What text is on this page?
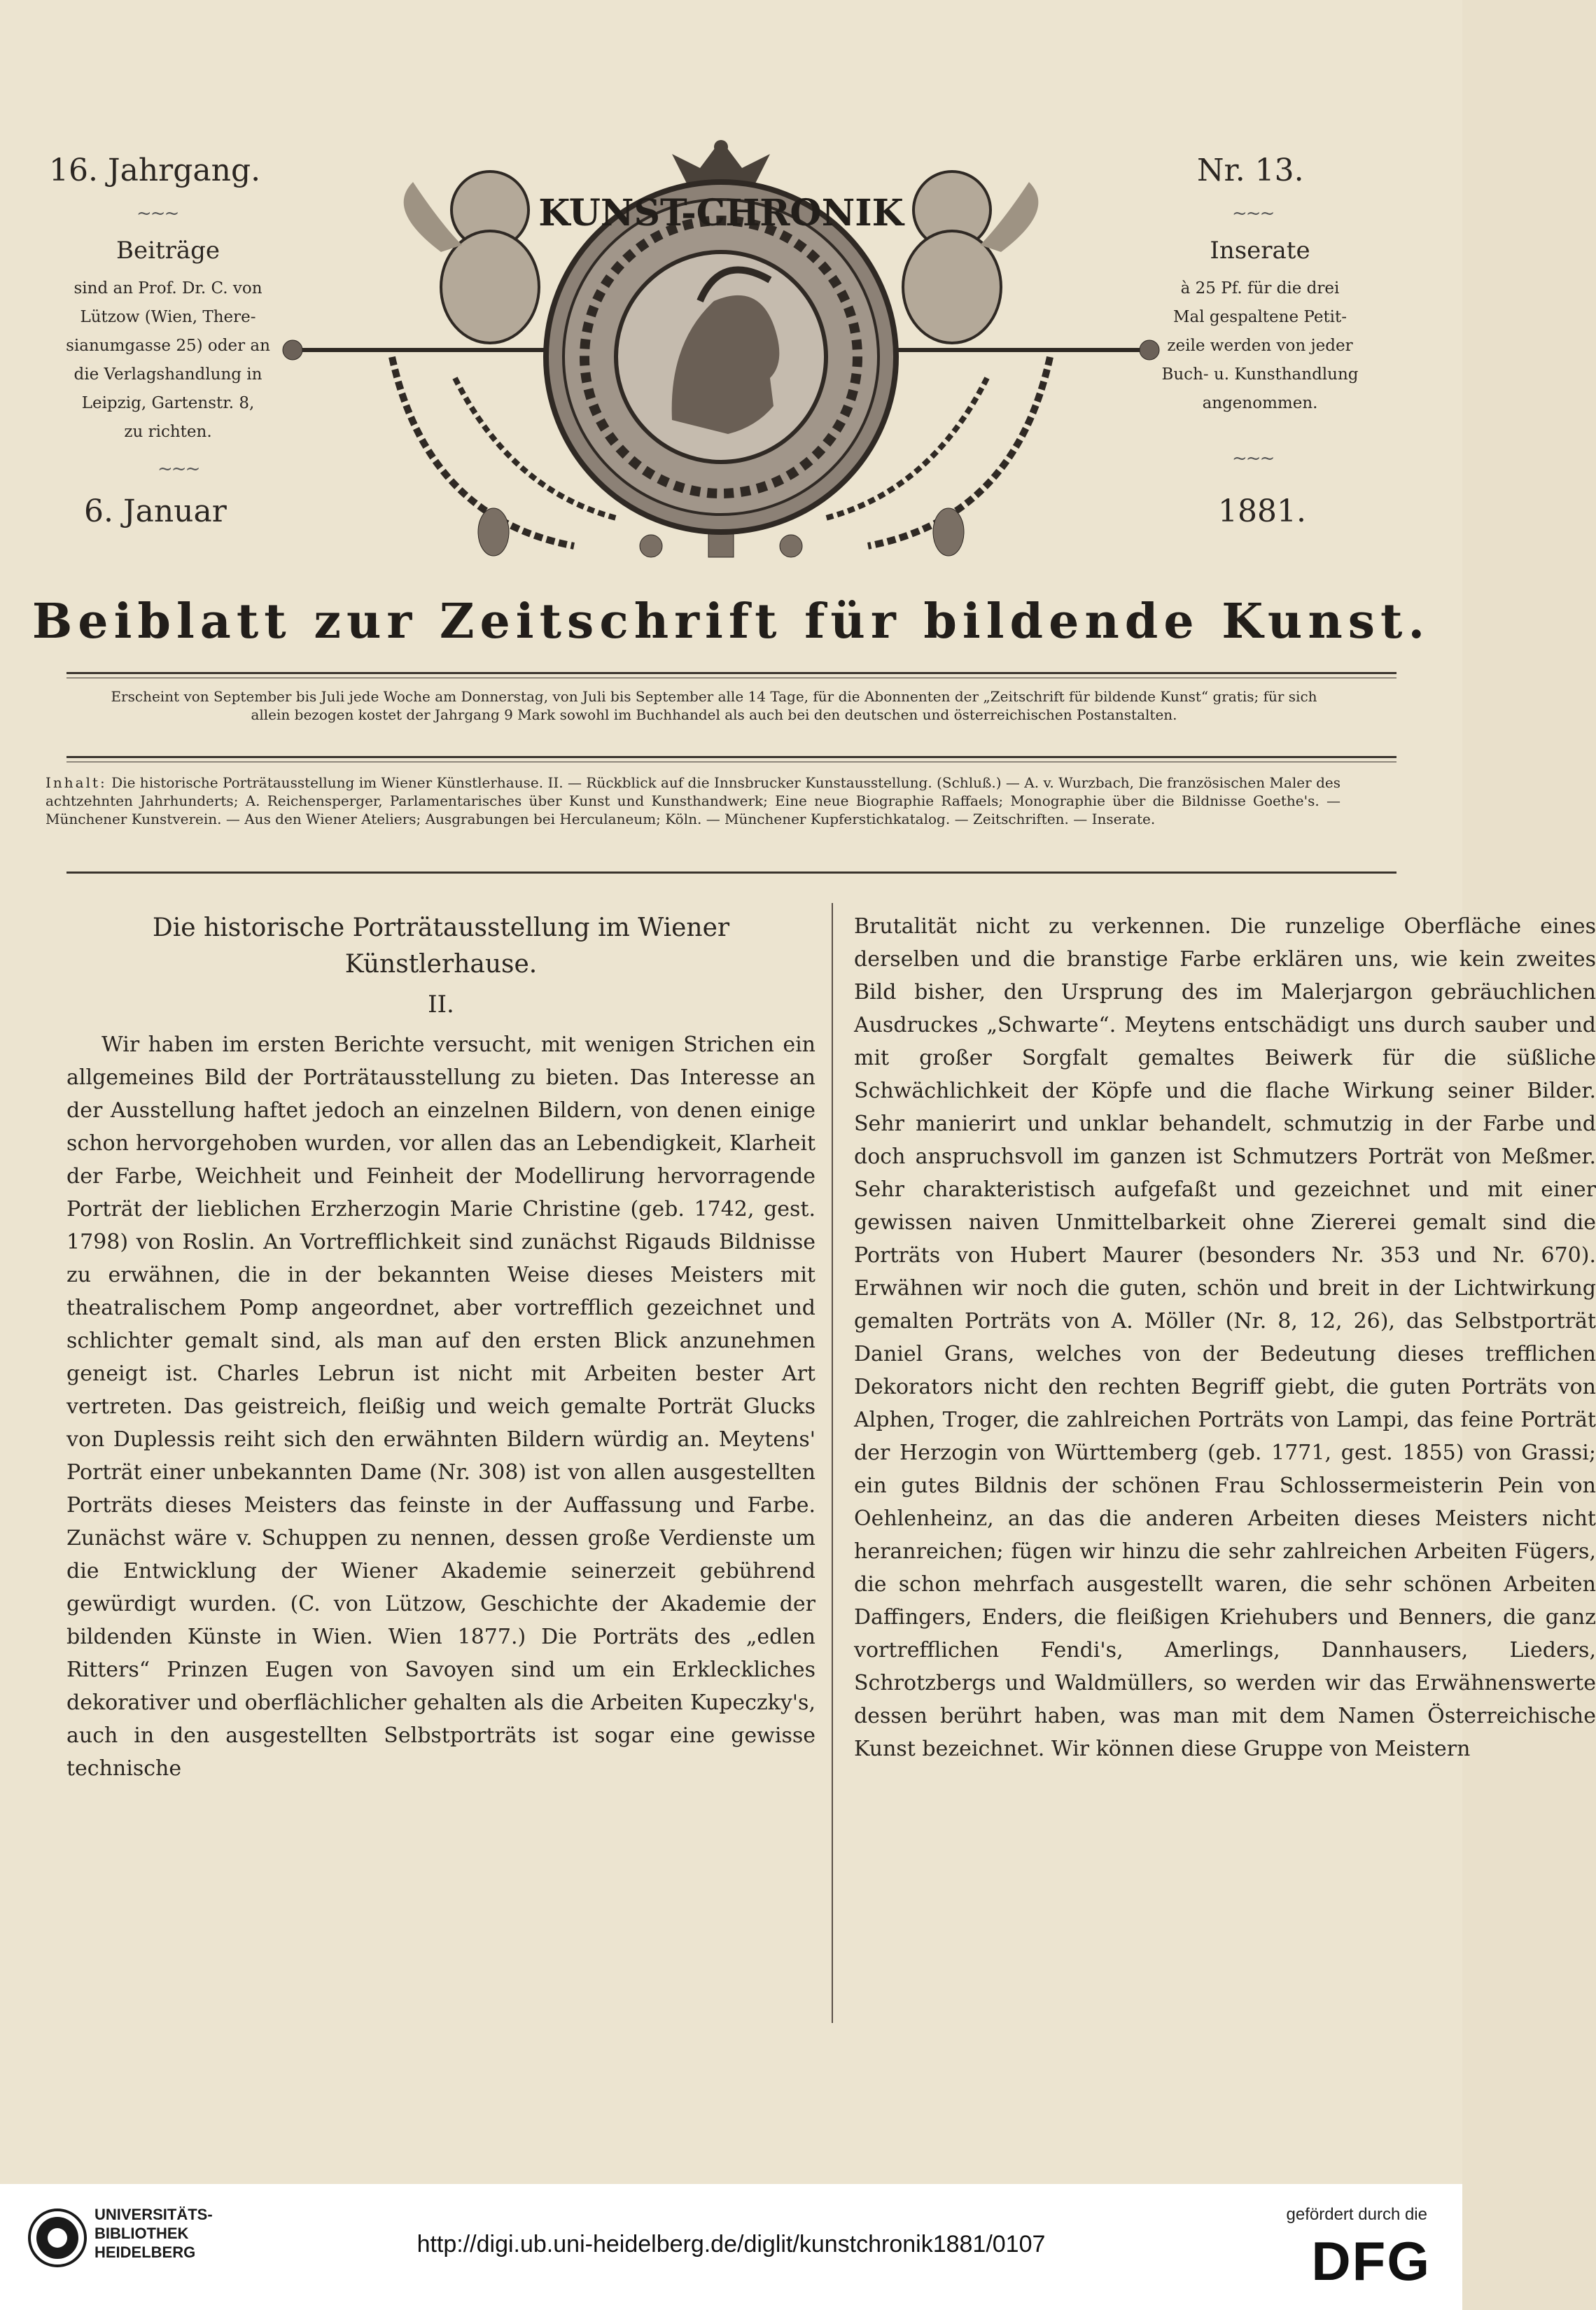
16. Jahrgang.	Nr. 13.
~~~	~~~
Beiträge
sind an Prof. Dr. C. von
Lützow (Wien, There-
sianumgasse 25) oder an
die Verlagshandlung in
Leipzig, Gartenstr. 8,
zu richten.
~~~
Inserate
à 25 Pf. für die drei
Mal gespaltene Petit-
zeile werden von jeder
Buch- u. Kunsthandlung
angenommen.
~~~
6. Januar	1881.
KUNST-CHRONIK
Beiblatt zur Zeitschrift für bildende Kunst.
Erscheint von September bis Juli jede Woche am Donnerstag, von Juli bis September alle 14 Tage, für die Abonnenten der „Zeitschrift für bildende Kunst“ gratis; für sich allein bezogen kostet der Jahrgang 9 Mark sowohl im Buchhandel als auch bei den deutschen und österreichischen Postanstalten.
Inhalt: Die historische Porträtausstellung im Wiener Künstlerhause. II. — Rückblick auf die Innsbrucker Kunstausstellung. (Schluß.) — A. v. Wurzbach, Die französischen Maler des achtzehnten Jahrhunderts; A. Reichensperger, Parlamentarisches über Kunst und Kunsthandwerk; Eine neue Biographie Raffaels; Monographie über die Bildnisse Goethe's. — Münchener Kunstverein. — Aus den Wiener Ateliers; Ausgrabungen bei Herculaneum; Köln. — Münchener Kupferstichkatalog. — Zeitschriften. — Inserate.
Die historische Porträtausstellung im Wiener Künstlerhause.
II.

Wir haben im ersten Berichte versucht, mit wenigen Strichen ein allgemeines Bild der Porträtausstellung zu bieten. Das Interesse an der Ausstellung haftet jedoch an einzelnen Bildern, von denen einige schon hervorgehoben wurden, vor allen das an Lebendigkeit, Klarheit der Farbe, Weichheit und Feinheit der Modellirung hervorragende Porträt der lieblichen Erzherzogin Marie Christine (geb. 1742, gest. 1798) von Roslin. An Vortrefflichkeit sind zunächst Rigauds Bildnisse zu erwähnen, die in der bekannten Weise dieses Meisters mit theatralischem Pomp angeordnet, aber vortrefflich gezeichnet und schlichter gemalt sind, als man auf den ersten Blick anzunehmen geneigt ist. Charles Lebrun ist nicht mit Arbeiten bester Art vertreten. Das geistreich, fleißig und weich gemalte Porträt Glucks von Duplessis reiht sich den erwähnten Bildern würdig an. Meytens' Porträt einer unbekannten Dame (Nr. 308) ist von allen ausgestellten Porträts dieses Meisters das feinste in der Auffassung und Farbe. Zunächst wäre v. Schuppen zu nennen, dessen große Verdienste um die Entwicklung der Wiener Akademie seinerzeit gebührend gewürdigt wurden. (C. von Lützow, Geschichte der Akademie der bildenden Künste in Wien. Wien 1877.) Die Porträts des „edlen Ritters“ Prinzen Eugen von Savoyen sind um ein Erkleckliches dekorativer und oberflächlicher gehalten als die Arbeiten Kupeczky's, auch in den ausgestellten Selbstporträts ist sogar eine gewisse technische

Brutalität nicht zu verkennen. Die runzelige Oberfläche eines derselben und die branstige Farbe erklären uns, wie kein zweites Bild bisher, den Ursprung des im Malerjargon gebräuchlichen Ausdruckes „Schwarte“. Meytens entschädigt uns durch sauber und mit großer Sorgfalt gemaltes Beiwerk für die süßliche Schwächlichkeit der Köpfe und die flache Wirkung seiner Bilder. Sehr manierirt und unklar behandelt, schmutzig in der Farbe und doch anspruchsvoll im ganzen ist Schmutzers Porträt von Meßmer. Sehr charakteristisch aufgefaßt und gezeichnet und mit einer gewissen naiven Unmittelbarkeit ohne Ziererei gemalt sind die Porträts von Hubert Maurer (besonders Nr. 353 und Nr. 670). Erwähnen wir noch die guten, schön und breit in der Lichtwirkung gemalten Porträts von A. Möller (Nr. 8, 12, 26), das Selbstporträt Daniel Grans, welches von der Bedeutung dieses trefflichen Dekorators nicht den rechten Begriff giebt, die guten Porträts von Alphen, Troger, die zahlreichen Porträts von Lampi, das feine Porträt der Herzogin von Württemberg (geb. 1771, gest. 1855) von Grassi; ein gutes Bildnis der schönen Frau Schlossermeisterin Pein von Oehlenheinz, an das die anderen Arbeiten dieses Meisters nicht heranreichen; fügen wir hinzu die sehr zahlreichen Arbeiten Fügers, die schon mehrfach ausgestellt waren, die sehr schönen Arbeiten Daffingers, Enders, die fleißigen Kriehubers und Benners, die ganz vortrefflichen Fendi's, Amerlings, Dannhausers, Lieders, Schrotzbergs und Waldmüllers, so werden wir das Erwähnenswerte dessen berührt haben, was man mit dem Namen Österreichische Kunst bezeichnet. Wir können diese Gruppe von Meistern

UNIVERSITÄTS-
BIBLIOTHEK
HEIDELBERG	http://digi.ub.uni-heidelberg.de/diglit/kunstchronik1881/0107
gefördert durch die
DFG
